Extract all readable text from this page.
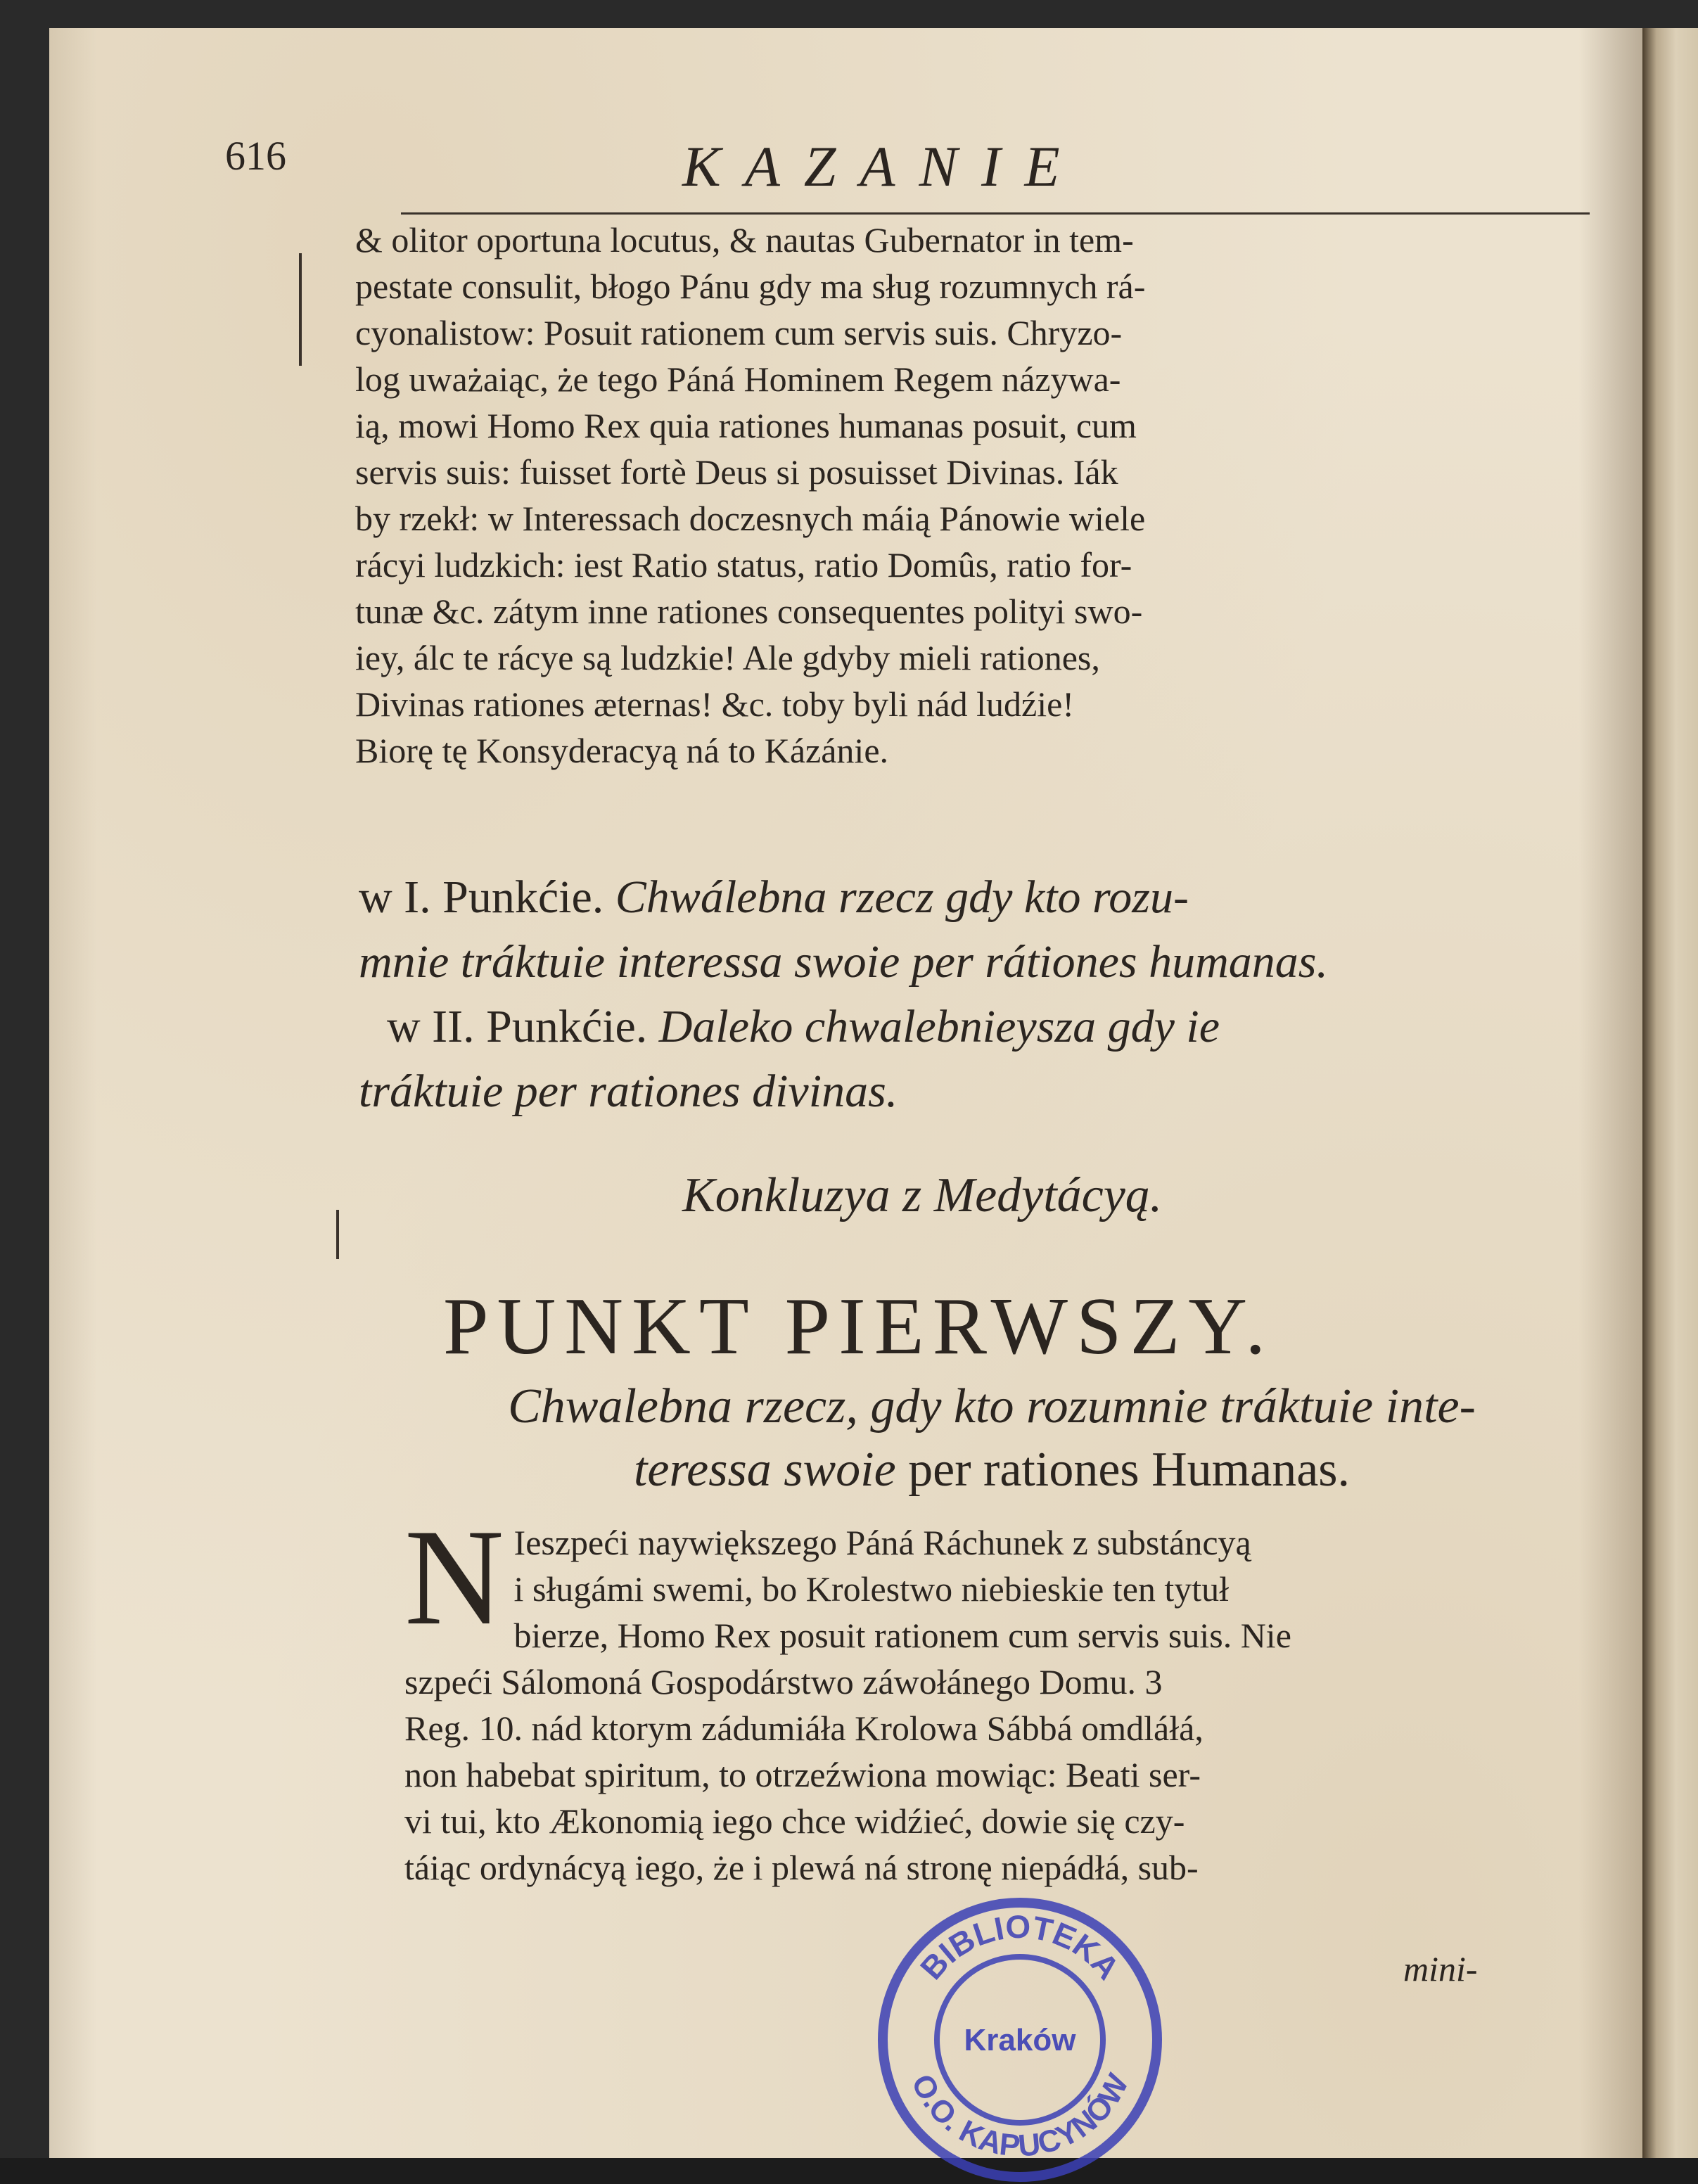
616	KAZANIE
& olitor oportuna locutus, & nautas Gubernator in tem-
pestate consulit, błogo Pánu gdy ma sług rozumnych rá-
cyonalistow: Posuit rationem cum servis suis. Chryzo-
log uważaiąc, że tego Páná Hominem Regem názywa-
ią, mowi Homo Rex quia rationes humanas posuit, cum
servis suis: fuisset fortè Deus si posuisset Divinas. Iák
by rzekł: w Interessach doczesnych máią Pánowie wiele
rácyi ludzkich: iest Ratio status, ratio Domûs, ratio for-
tunæ &c. zátym inne rationes consequentes polityi swo-
iey, álc te rácye są ludzkie! Ale gdyby mieli rationes,
Divinas rationes æternas! &c. toby byli nád ludźie!
Biorę tę Konsyderacyą ná to Kázánie.

w I. Punkćie. Chwálebna rzecz gdy kto rozu-

mnie tráktuie interessa swoie per rátiones humanas.

w II. Punkćie. Daleko chwalebnieysza gdy ie

tráktuie per rationes divinas.

Konkluzya z Medytácyą.
PUNKT PIERWSZY.
Chwalebna rzecz, gdy kto rozumnie tráktuie inte-
teressa swoie per rationes Humanas.
N Ieszpeći naywiększego Páná Ráchunek z substáncyą
i sługámi swemi, bo Krolestwo niebieskie ten tytuł
bierze, Homo Rex posuit rationem cum servis suis. Nie
szpeći Sálomoná Gospodárstwo záwołánego Domu. 3
Reg. 10. nád ktorym zádumiáła Krolowa Sábbá omdláłá,
non habebat spiritum, to otrzeźwiona mowiąc: Beati ser-
vi tui, kto Ækonomią iego chce widźieć, dowie się czy-
táiąc ordynácyą iego, że i plewá ná stronę niepádłá, sub-
mini-
BIBLIOTEKA
O.O. KAPUCYNÓW
Kraków
